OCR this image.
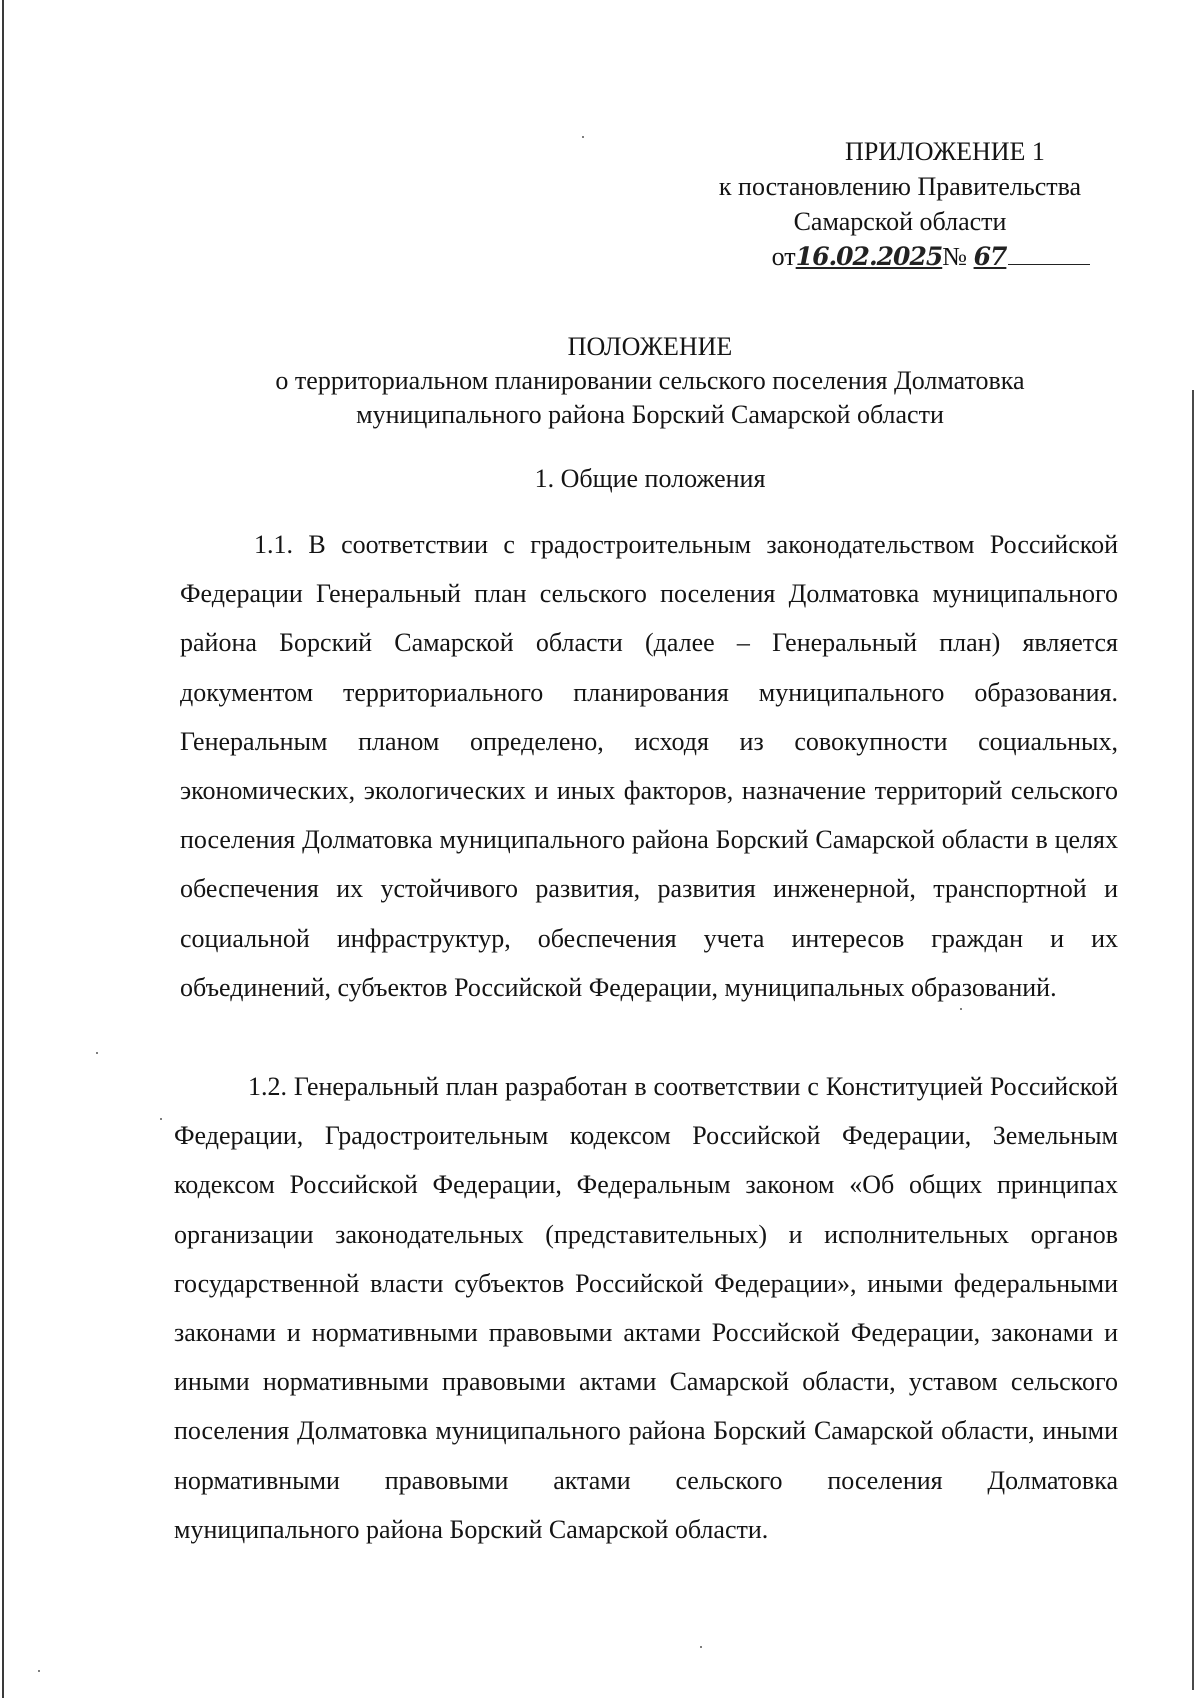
ПРИЛОЖЕНИЕ 1
к постановлению Правительства
Самарской области
от16.02.2025№ 67
ПОЛОЖЕНИЕ
о территориальном планировании сельского поселения Долматовка
муниципального района Борский Самарской области
1. Общие положения

1.1. В соответствии с градостроительным законодательством Российской Федерации Генеральный план сельского поселения Долматовка муниципального района Борский Самарской области (далее – Генеральный план) является документом территориального планирования муниципального образования. Генеральным планом определено, исходя из совокупности социальных, экономических, экологических и иных факторов, назначение территорий сельского поселения Долматовка муниципального района Борский Самарской области в целях обеспечения их устойчивого развития, развития инженерной, транспортной и социальной инфраструктур, обеспечения учета интересов граждан и их объединений, субъектов Российской Федерации, муниципальных образований.

1.2. Генеральный план разработан в соответствии с Конституцией Российской Федерации, Градостроительным кодексом Российской Федерации, Земельным кодексом Российской Федерации, Федеральным законом «Об общих принципах организации законодательных (представительных) и исполнительных органов государственной власти субъектов Российской Федерации», иными федеральными законами и нормативными правовыми актами Российской Федерации, законами и иными нормативными правовыми актами Самарской области, уставом сельского поселения Долматовка муниципального района Борский Самарской области, иными нормативными правовыми актами сельского поселения Долматовка муниципального района Борский Самарской области.
